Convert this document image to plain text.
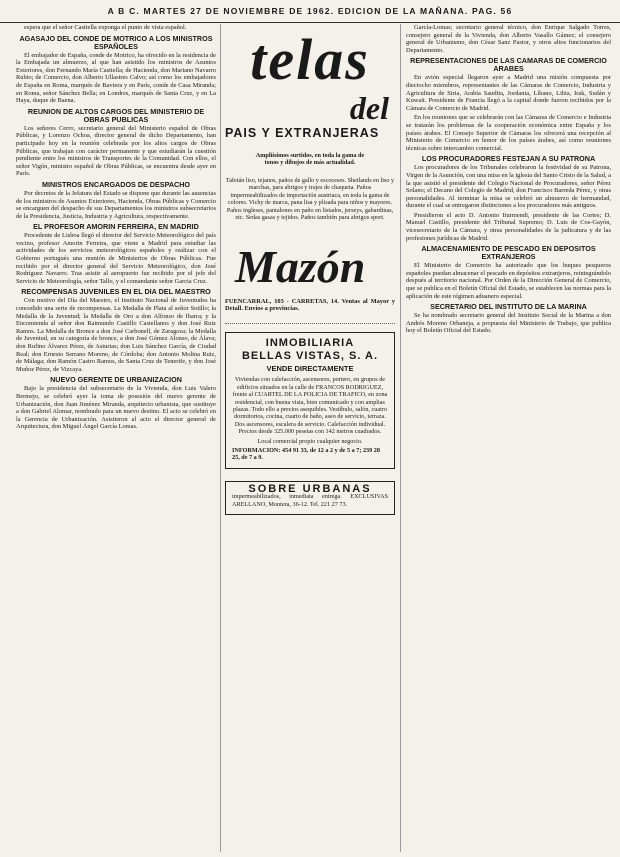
A B C. MARTES 27 DE NOVIEMBRE DE 1962. EDICION DE LA MAÑANA. PAG. 56

espera que el señor Castiella exponga el punto de vista español.

AGASAJO DEL CONDE DE MOTRICO A LOS MINISTROS ESPAÑOLES

El embajador de España, conde de Motrico, ha ofrecido en la residencia de la Embajada un almuerzo, al que han asistido los ministros de Asuntos Exteriores, don Fernando María Castiella; de Hacienda, don Mariano Navarro Rubio; de Comercio, don Alberto Ullastres Calvo; así como los embajadores de España en Roma, marqués de Baviera y en París, conde de Casa Miranda; en Roma, señor Sánchez Bella; en Londres, marqués de Santa Cruz, y en La Haya, duque de Baena.

REUNION DE ALTOS CARGOS DEL MINISTERIO DE OBRAS PUBLICAS

Los señores Cerro, secretario general del Ministerio español de Obras Públicas, y Lorenzo Ochoa, director general de dicho Departamento, han participado hoy en la reunión celebrada por los altos cargos de Obras Públicas, que trabajan con carácter permanente y que estudiarán la cuestión pendiente entre los ministros de Transportes de la Comunidad. Con ellos, el señor Vigón, ministro español de Obras Públicas, se encuentra desde ayer en París.

MINISTROS ENCARGADOS DE DESPACHO

Por decretos de la Jefatura del Estado se dispone que durante las ausencias de los ministros de Asuntos Exteriores, Hacienda, Obras Públicas y Comercio se encarguen del despacho de sus Departamentos los ministros subsecretarios de la Presidencia, Justicia, Industria y Agricultura, respectivamente.

EL PROFESOR AMORIN FERREIRA, EN MADRID

Procedente de Lisboa llegó el director del Servicio Meteorológico del país vecino, profesor Amorin Ferreira, que viene a Madrid para estudiar las actividades de los servicios meteorológicos españoles y realizar con el Gobierno portugués una reunión de Ministerios de Obras Públicas. Fue recibido por el director general del Servicio Meteorológico, don José Rodríguez Navarro. Tras asistir al aeropuerto fue recibido por el jefe del Servicio de Meteorología, señor Tallo, y el comandante señor Garcia Cruz.

RECOMPENSAS JUVENILES EN EL DIA DEL MAESTRO

Con motivo del Día del Maestro, el Instituto Nacional de Juventudes ha concedido una serie de recompensas. La Medalla de Plata al señor Sotillo; la Medalla de la Juventud; la Medalla de Oro a don Alfonso de Ibarra; y la Encomienda al señor don Raimundo Castillo Castellanos y don José Ruiz Ramos. La Medalla de Bronce a don José Carbonell, de Zaragoza; la Medalla de Juventud, en su categoría de bronce, a don José Gómez Alonso, de Álava; don Rufino Álvarez Pérez, de Asturias; don Luis Sánchez García, de Ciudad Real; don Ernesto Serrano Moreno, de Córdoba; don Antonio Molina Ruiz, de Málaga; don Ramón Castro Ramos, de Santa Cruz de Tenerife, y don José Muñoz Pérez, de Vizcaya.

NUEVO GERENTE DE URBANIZACION

Bajo la presidencia del subsecretario de la Vivienda, don Luis Valero Bermejo, se celebró ayer la toma de posesión del nuevo gerente de Urbanización, don Juan Jiménez Miranda, arquitecto urbanista, que sustituye a don Gabriel Alomar, nombrado para un nuevo destino. El acto se celebró en la Gerencia de Urbanización. Asistieron al acto el director general de Arquitectura, don Miguel Ángel García Lomas.

telas
del
PAIS Y EXTRANJERAS
Ampliísimos surtidos, en toda la gama de tonos y dibujos de más actualidad.
Tafetán liso, tejanos, paños de gallo y escoceses. Shetlands en liso y marchas, para abrigos y trajes de chaqueta. Paños impermeabilizados de importación austriaca, en toda la gama de colores. Vichy de marca, pana lisa y plisada para niños y mayores. Paños ingleses, pantalones en paño en listados, jerseys, gabardinas, etc. Sedas gasas y tejidos. Paños también para abrigos sport.
Mazón
FUENCARRAL, 103 - CARRETAS, 14. Ventas al Mayor y Detall. Envíos a provincias.
INMOBILIARIA
BELLAS VISTAS, S. A.
VENDE DIRECTAMENTE

Viviendas con calefacción, ascensores, portero, en grupos de edificios situados en la calle de FRANCOS RODRIGUEZ, frente al CUARTEL DE LA POLICIA DE TRAFICO, en zona residencial, con buena vista, bien comunicado y con amplias plazas. Todo ello a precios asequibles. Vestíbulo, salón, cuatro dormitorios, cocina, cuarto de baño, aseo de servicio, terraza. Dos ascensores, escalera de servicio. Calefacción individual. Precios desde 325.000 pesetas con 142 metros cuadrados.

Local comercial propio cualquier negocio.

INFORMACION: 454 91 33, de 12 a 2 y de 5 a 7; 239 28 25, de 7 a 9.

SOBRE URBANAS

impermeabilizados, inmediata entrega. EXCLUSIVAS ARELLANO, Montera, 36-12. Tel. 221 27 73.

García-Lomas; secretario general técnico, don Enrique Salgado Torres, consejero general de la Vivienda, don Alberto Vasallo Gámez; el consejero general de Urbanismo, don César Sanz Pastor, y otros altos funcionarios del Departamento.

REPRESENTACIONES DE LAS CAMARAS DE COMERCIO ARABES

En avión especial llegaron ayer a Madrid una misión compuesta por dieciocho miembros, representantes de las Cámaras de Comercio, Industria y Agricultura de Siria, Arabia Saudita, Jordania, Líbano, Libia, Irak, Sudán y Kuwait. Presidente de Francia llegó a la capital donde fueron recibidos por la Cámara de Comercio de Madrid.

En los reuniones que se celebrarán con las Cámaras de Comercio e Industria se tratarán los problemas de la cooperación económica entre España y los países árabes. El Consejo Superior de Cámaras los ofrecerá una recepción al Ministerio de Comercio en honor de los países árabes, así como reuniones técnicas sobre intercambio comercial.

LOS PROCURADORES FESTEJAN A SU PATRONA

Los procuradores de los Tribunales celebraron la festividad de su Patrona, Virgen de la Asunción, con una misa en la iglesia del Santo Cristo de la Salud, a la que asistió el presidente del Colegio Nacional de Procuradores, señor Pérez Solano; el Decano del Colegio de Madrid, don Francisco Barreda Pérez, y otras personalidades. Al terminar la misa se celebró un almuerzo de hermandad, durante el cual se entregaron distinciones a los procuradores más antiguos.

Presidieron el acto D. Antonio Iturmendi, presidente de las Cortes; D. Manuel Castillo, presidente del Tribunal Supremo; D. Luis de Cos-Gayón, vicesecretario de la Cámara, y otras personalidades de la judicatura y de las profesiones jurídicas de Madrid.

ALMACENAMIENTO DE PESCADO EN DEPOSITOS EXTRANJEROS

El Ministerio de Comercio ha autorizado que los buques pesqueros españoles puedan almacenar el pescado en depósitos extranjeros, reintegrándolo después al territorio nacional. Por Orden de la Dirección General de Comercio, que se publica en el Boletín Oficial del Estado, se establecen las normas para la aplicación de este régimen aduanero especial.

SECRETARIO DEL INSTITUTO DE LA MARINA

Se ha nombrado secretario general del Instituto Social de la Marina a don Andrés Moreno Orbaneja, a propuesta del Ministerio de Trabajo, que publica hoy el Boletín Oficial del Estado.
